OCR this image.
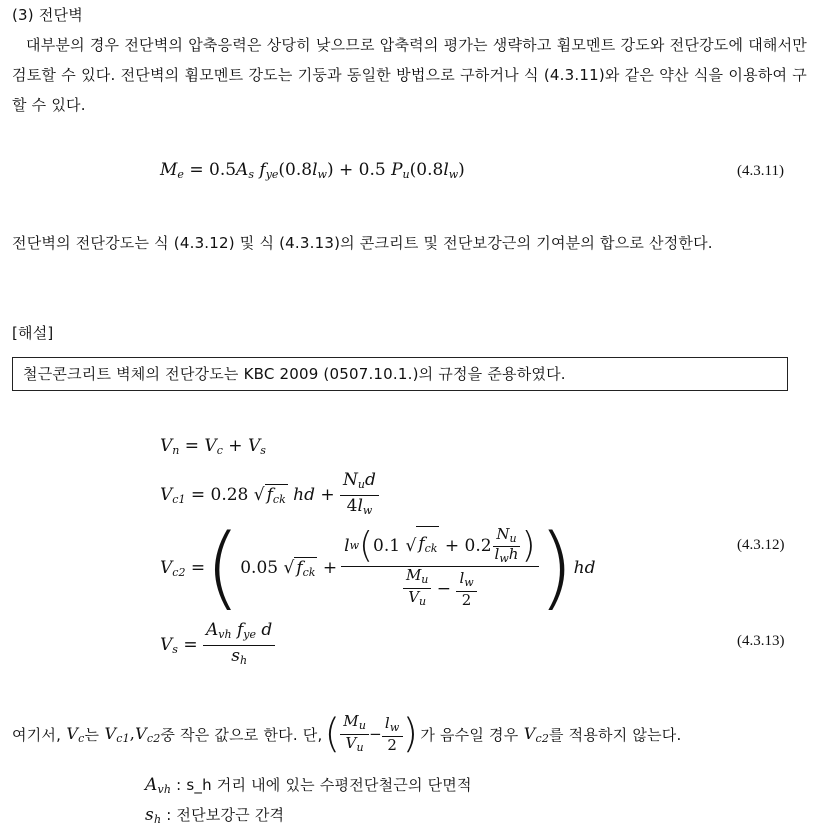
(3) 전단벽
대부분의 경우 전단벽의 압축응력은 상당히 낮으므로 압축력의 평가는 생략하고 휨모멘트 강도와 전단강도에 대해서만 검토할 수 있다. 전단벽의 휨모멘트 강도는 기둥과 동일한 방법으로 구하거나 식 (4.3.11)와 같은 약산 식을 이용하여 구할 수 있다.
$M_e = 0.5A_s$ $f_{ye}(0.8l_w) + 0.5$ $P_u(0.8l_w)$	(4.3.11)
전단벽의 전단강도는 식 (4.3.12) 및 식 (4.3.13)의 콘크리트 및 전단보강근의 기여분의 합으로 산정한다.
[해설]
철근콘크리트 벽체의 전단강도는 KBC 2009 (0507.10.1.)의 규정을 준용하였다.
$V_n = V_c + V_s$
$V_{c1} = 0.28$ √ $f_{ck}$ hd + $\frac{N_ud}{4l_w}$
$V_{c2}$ = ( 0.05 √ $f_{ck} + l$ w ( 0.1
√ $f_{ck} + 0.2 \frac{N_u}{l_wh}$ )
$\frac{M_u}{V_u} - \frac{l_w}{2}$ ) hd
(4.3.12)
$V_s = \frac{A_{vh} f_{ye} d}{s_h}$	(4.3.13)
여기서, $V_c$ 는 $V_{c1},V_{c2}$ 중 작은 값으로 한다. 단, ( $\frac{M_u}{V_u} - \frac{l_w}{2}$ ) 가 음수일 경우 $V_{c2}$ 를 적용하지 않는다.
$A_{vh}$ : s_h 거리 내에 있는 수평전단철근의 단면적
$s_h$ : 전단보강근 간격
